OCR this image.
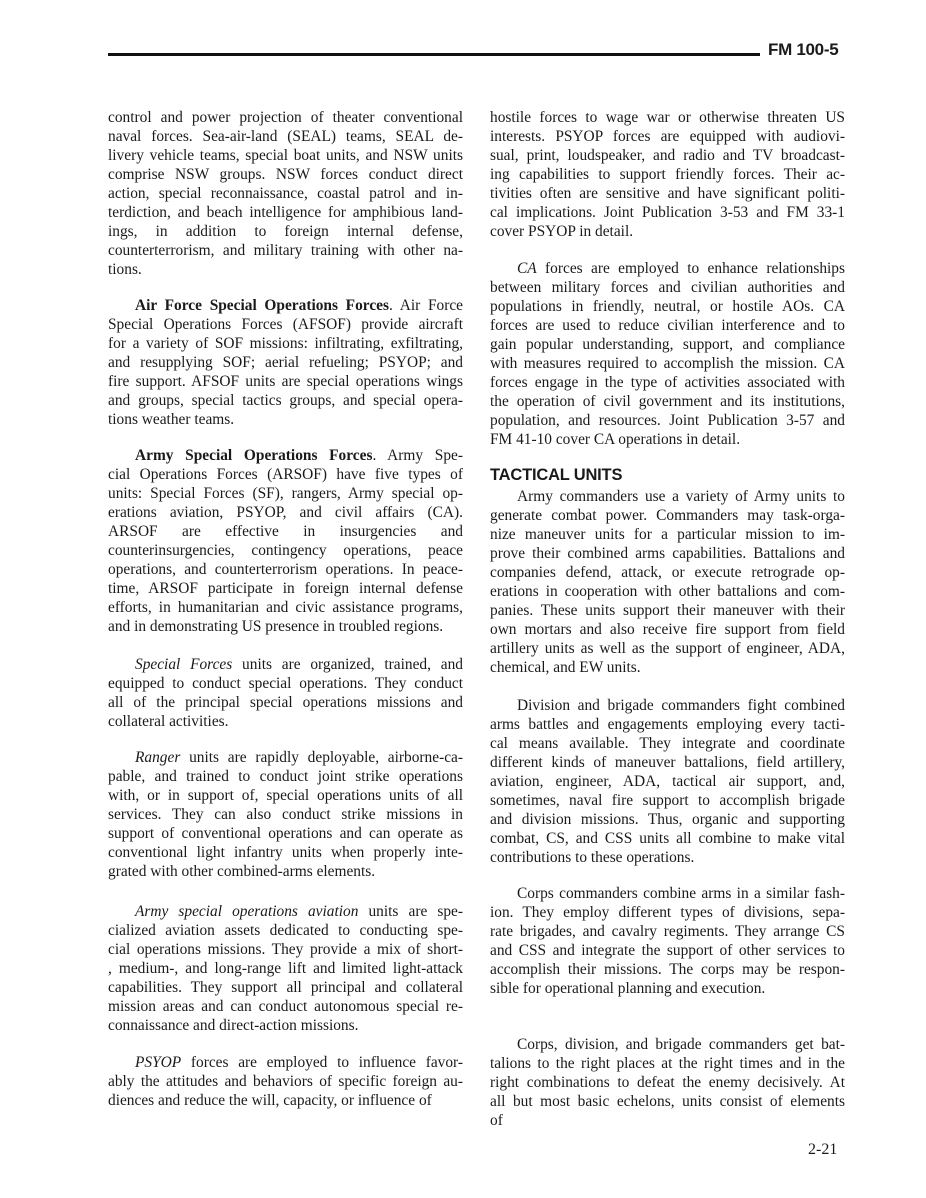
FM 100-5
control and power projection of theater conventional
naval forces. Sea-air-land (SEAL) teams, SEAL de-
livery vehicle teams, special boat units, and NSW units
comprise NSW groups. NSW forces conduct direct
action, special reconnaissance, coastal patrol and in-
terdiction, and beach intelligence for amphibious land-
ings, in addition to foreign internal defense,
counterterrorism, and military training with other na-
tions.
Air Force Special Operations Forces. Air Force
Special Operations Forces (AFSOF) provide aircraft
for a variety of SOF missions: infiltrating, exfiltrating,
and resupplying SOF; aerial refueling; PSYOP; and
fire support. AFSOF units are special operations wings
and groups, special tactics groups, and special opera-
tions weather teams.
Army Special Operations Forces. Army Spe-
cial Operations Forces (ARSOF) have five types of
units: Special Forces (SF), rangers, Army special op-
erations aviation, PSYOP, and civil affairs (CA).
ARSOF are effective in insurgencies and
counterinsurgencies, contingency operations, peace
operations, and counterterrorism operations. In peace-
time, ARSOF participate in foreign internal defense
efforts, in humanitarian and civic assistance programs,
and in demonstrating US presence in troubled regions.
Special Forces units are organized, trained, and
equipped to conduct special operations. They conduct
all of the principal special operations missions and
collateral activities.
Ranger units are rapidly deployable, airborne-ca-
pable, and trained to conduct joint strike operations
with, or in support of, special operations units of all
services. They can also conduct strike missions in
support of conventional operations and can operate as
conventional light infantry units when properly inte-
grated with other combined-arms elements.
Army special operations aviation units are spe-
cialized aviation assets dedicated to conducting spe-
cial operations missions. They provide a mix of short-
, medium-, and long-range lift and limited light-attack
capabilities. They support all principal and collateral
mission areas and can conduct autonomous special re-
connaissance and direct-action missions.
PSYOP forces are employed to influence favor-
ably the attitudes and behaviors of specific foreign au-
diences and reduce the will, capacity, or influence of
hostile forces to wage war or otherwise threaten US
interests. PSYOP forces are equipped with audiovi-
sual, print, loudspeaker, and radio and TV broadcast-
ing capabilities to support friendly forces. Their ac-
tivities often are sensitive and have significant politi-
cal implications. Joint Publication 3-53 and FM 33-1
cover PSYOP in detail.
CA forces are employed to enhance relationships
between military forces and civilian authorities and
populations in friendly, neutral, or hostile AOs. CA
forces are used to reduce civilian interference and to
gain popular understanding, support, and compliance
with measures required to accomplish the mission. CA
forces engage in the type of activities associated with
the operation of civil government and its institutions,
population, and resources. Joint Publication 3-57 and
FM 41-10 cover CA operations in detail.
TACTICAL UNITS
Army commanders use a variety of Army units to
generate combat power. Commanders may task-orga-
nize maneuver units for a particular mission to im-
prove their combined arms capabilities. Battalions and
companies defend, attack, or execute retrograde op-
erations in cooperation with other battalions and com-
panies. These units support their maneuver with their
own mortars and also receive fire support from field
artillery units as well as the support of engineer, ADA,
chemical, and EW units.
Division and brigade commanders fight combined
arms battles and engagements employing every tacti-
cal means available. They integrate and coordinate
different kinds of maneuver battalions, field artillery,
aviation, engineer, ADA, tactical air support, and,
sometimes, naval fire support to accomplish brigade
and division missions. Thus, organic and supporting
combat, CS, and CSS units all combine to make vital
contributions to these operations.
Corps commanders combine arms in a similar fash-
ion. They employ different types of divisions, sepa-
rate brigades, and cavalry regiments. They arrange CS
and CSS and integrate the support of other services to
accomplish their missions. The corps may be respon-
sible for operational planning and execution.
Corps, division, and brigade commanders get bat-
talions to the right places at the right times and in the
right combinations to defeat the enemy decisively. At
all but most basic echelons, units consist of elements
of
2-21
